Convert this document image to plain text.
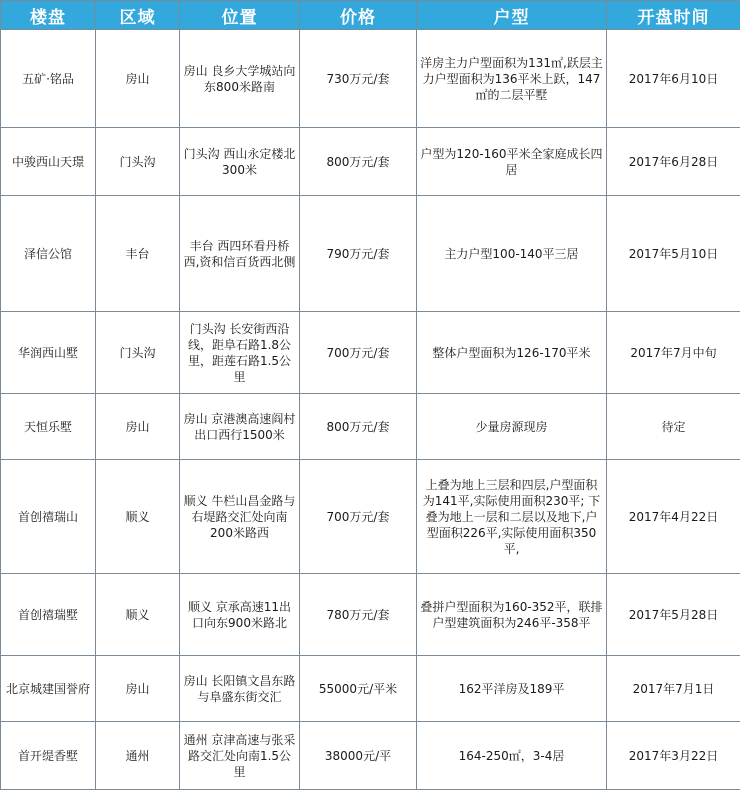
楼盘	区域	位置	价格	户型	开盘时间
五矿·铭品	房山	房山 良乡大学城站向东800米路南	730万元/套	洋房主力户型面积为131㎡,跃层主力户型面积为136平米上跃，147㎡的二层平墅	2017年6月10日
中骏西山天璟	门头沟	门头沟 西山永定楼北300米	800万元/套	户型为120-160平米全家庭成长四居	2017年6月28日
泽信公馆	丰台	丰台 西四环看丹桥西,资和信百货西北侧	790万元/套	主力户型100-140平三居	2017年5月10日
华润西山墅	门头沟	门头沟 长安街西沿线，距阜石路1.8公里，距莲石路1.5公里	700万元/套	整体户型面积为126-170平米	2017年7月中旬
天恒乐墅	房山	房山 京港澳高速阎村出口西行1500米	800万元/套	少量房源现房	待定
首创禧瑞山	顺义	顺义 牛栏山昌金路与右堤路交汇处向南200米路西	700万元/套	上叠为地上三层和四层,户型面积为141平,实际使用面积230平; 下叠为地上一层和二层以及地下,户型面积226平,实际使用面积350平,	2017年4月22日
首创禧瑞墅	顺义	顺义 京承高速11出口向东900米路北	780万元/套	叠拼户型面积为160-352平，联排户型建筑面积为246平-358平	2017年5月28日
北京城建国誉府	房山	房山 长阳镇文昌东路与阜盛东街交汇	55000元/平米	162平洋房及189平	2017年7月1日
首开缇香墅	通州	通州 京津高速与张采路交汇处向南1.5公里	38000元/平	164-250㎡，3-4居	2017年3月22日
